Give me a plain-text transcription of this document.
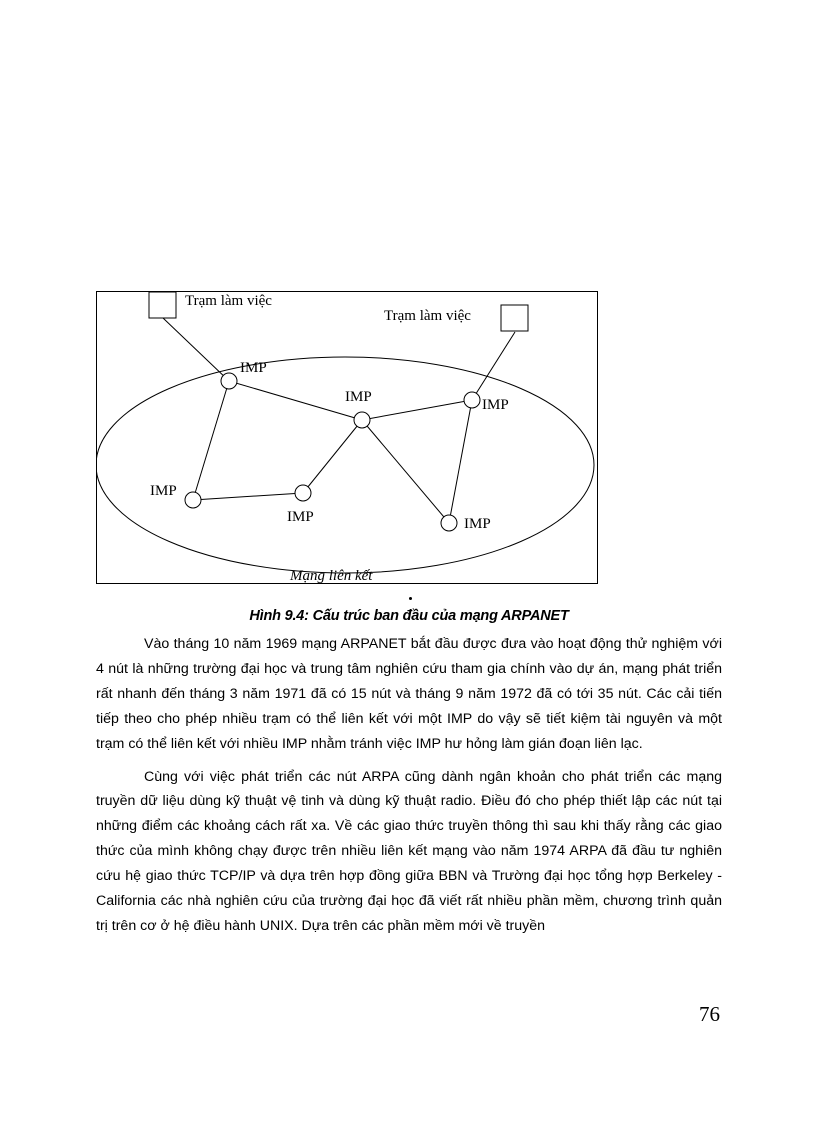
Trạm làm việc
Trạm làm việc
IMP
IMP	IMP
IMP
IMP	IMP
Mạng liên kết
Hình 9.4: Cấu trúc ban đầu của mạng ARPANET

Vào tháng 10 năm 1969 mạng ARPANET bắt đầu được đưa vào hoạt động thử nghiệm với 4 nút là những trường đại học và trung tâm nghiên cứu tham gia chính vào dự án, mạng phát triển rất nhanh đến tháng 3 năm 1971 đã có 15 nút và tháng 9 năm 1972 đã có tới 35 nút. Các cải tiến tiếp theo cho phép nhiều trạm có thể liên kết với một IMP do vậy sẽ tiết kiệm tài nguyên và một trạm có thể liên kết với nhiều IMP nhằm tránh việc IMP hư hỏng làm gián đoạn liên lạc.

Cùng với việc phát triển các nút ARPA cũng dành ngân khoản cho phát triển các mạng truyền dữ liệu dùng kỹ thuật vệ tinh và dùng kỹ thuật radio. Điều đó cho phép thiết lập các nút tại những điểm các khoảng cách rất xa. Về các giao thức truyền thông thì sau khi thấy rằng các giao thức của mình không chạy được trên nhiều liên kết mạng vào năm 1974 ARPA đã đầu tư nghiên cứu hệ giao thức TCP/IP và dựa trên hợp đồng giữa BBN và Trường đại học tổng hợp Berkeley - California các nhà nghiên cứu của trường đại học đã viết rất nhiều phần mềm, chương trình quản trị trên cơ ở hệ điều hành UNIX. Dựa trên các phần mềm mới về truyền

76
